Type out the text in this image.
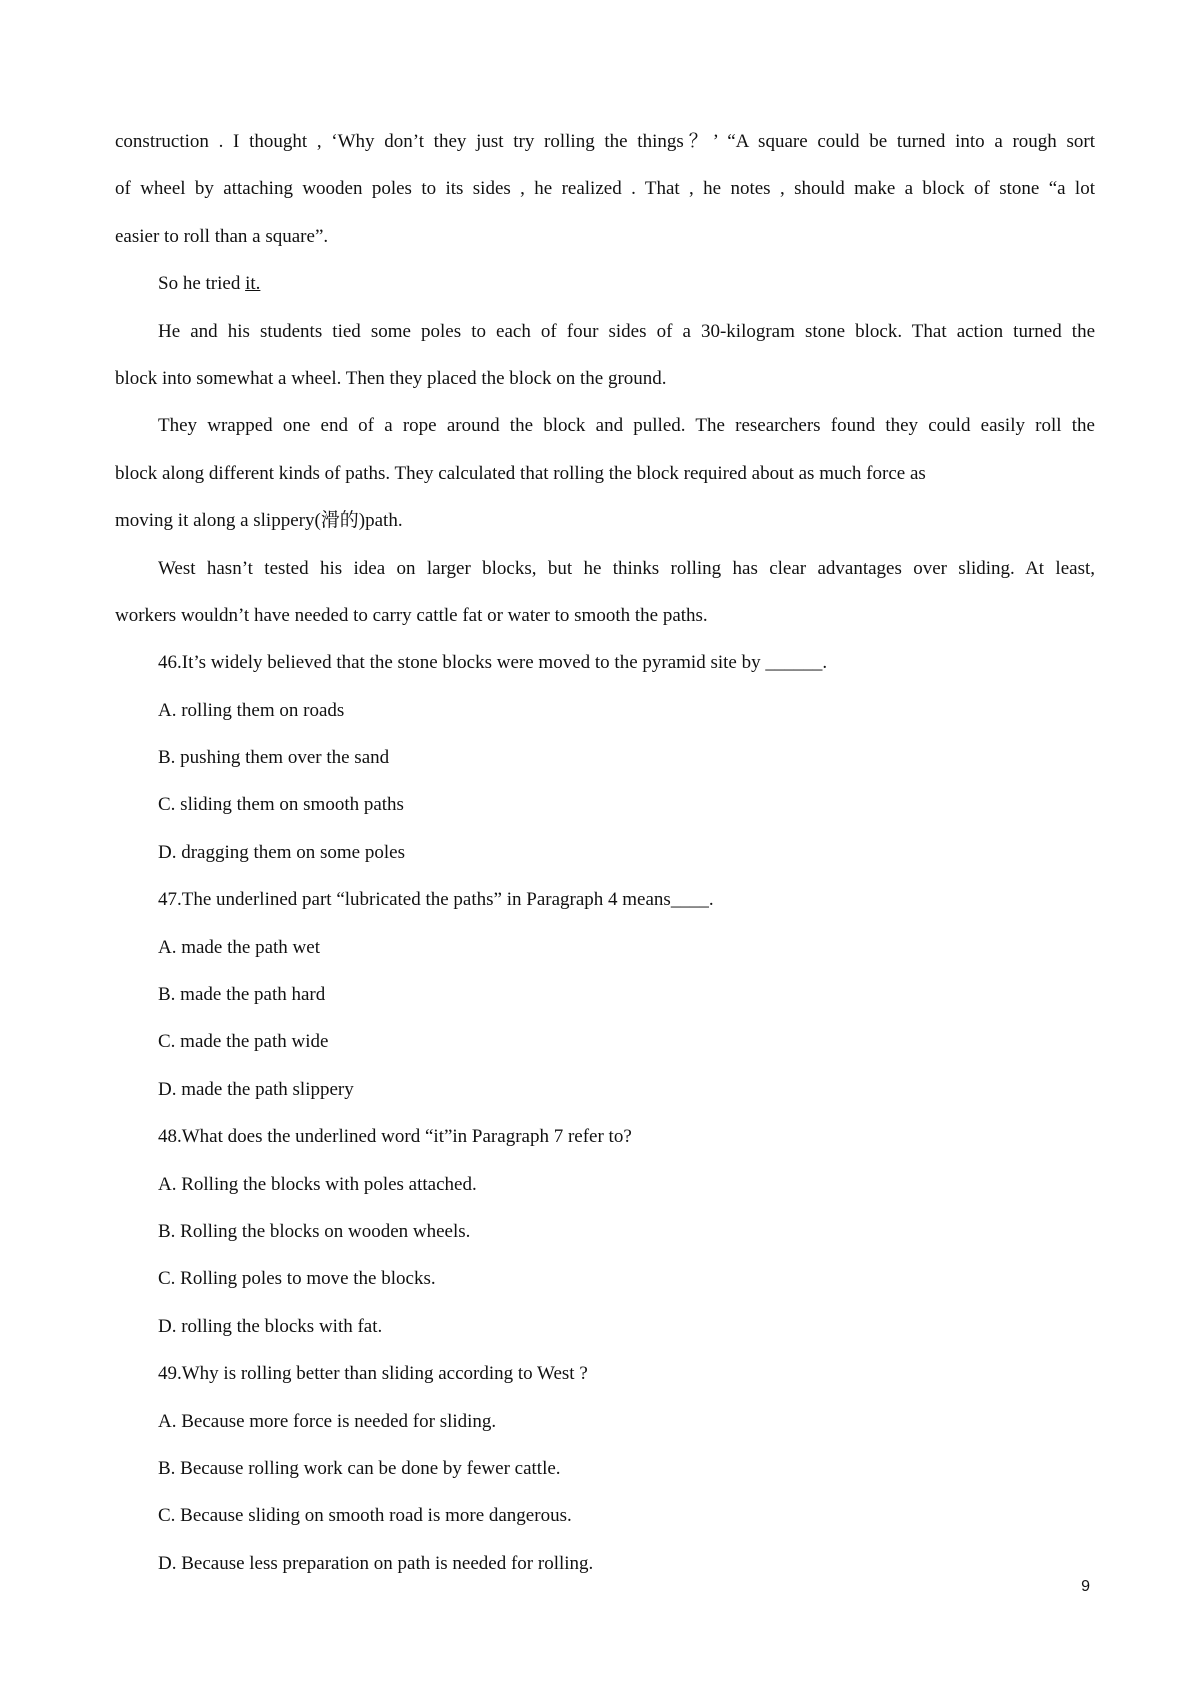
construction . I thought , ‘Why don’t they just try rolling the things？’ “A square could be turned into a rough sort

of wheel by attaching wooden poles to its sides , he realized . That , he notes , should make a block of stone “a lot

easier to roll than a square”.

So he tried it.

He and his students tied some poles to each of four sides of a 30-kilogram stone block. That action turned the

block into somewhat a wheel. Then they placed the block on the ground.

They wrapped one end of a rope around the block and pulled. The researchers found they could easily roll the

block along different kinds of paths. They calculated that rolling the block required about as much force as

moving it along a slippery(滑的)path.

West hasn’t tested his idea on larger blocks, but he thinks rolling has clear advantages over sliding. At least,

workers wouldn’t have needed to carry cattle fat or water to smooth the paths.

46.It’s widely believed that the stone blocks were moved to the pyramid site by ______.

A. rolling them on roads

B. pushing them over the sand

C. sliding them on smooth paths

D. dragging them on some poles

47.The underlined part “lubricated the paths” in Paragraph 4 means____.

A. made the path wet

B. made the path hard

C. made the path wide

D. made the path slippery

48.What does the underlined word “it”in Paragraph 7 refer to?

A. Rolling the blocks with poles attached.

B. Rolling the blocks on wooden wheels.

C. Rolling poles to move the blocks.

D. rolling the blocks with fat.

49.Why is rolling better than sliding according to West ?

A. Because more force is needed for sliding.

B. Because rolling work can be done by fewer cattle.

C. Because sliding on smooth road is more dangerous.

D. Because less preparation on path is needed for rolling.

9
